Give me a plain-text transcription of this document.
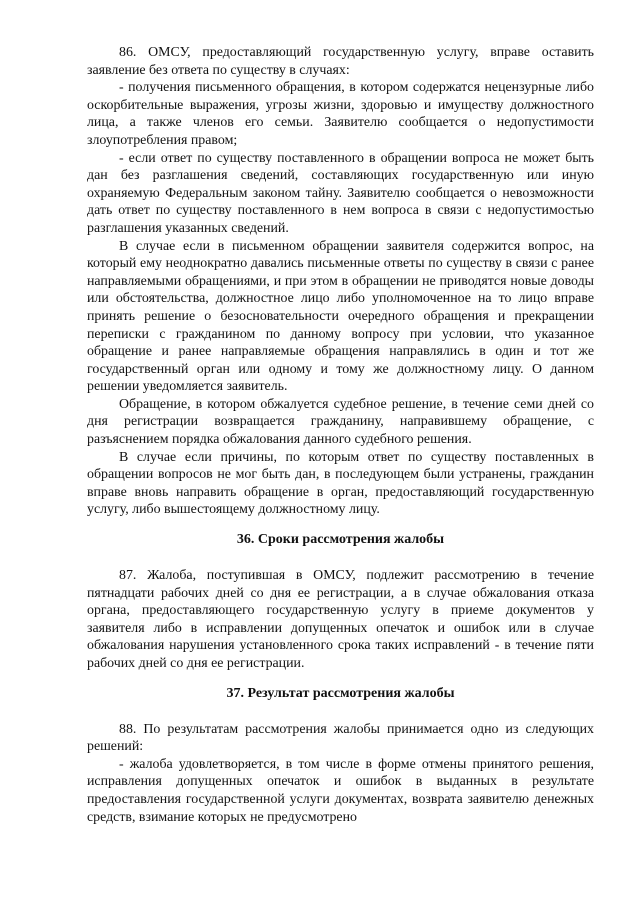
86. ОМСУ, предоставляющий государственную услугу, вправе оставить заявление без ответа по существу в случаях:

- получения письменного обращения, в котором содержатся нецензурные либо оскорбительные выражения, угрозы жизни, здоровью и имуществу должностного лица, а также членов его семьи. Заявителю сообщается о недопустимости злоупотребления правом;

- если ответ по существу поставленного в обращении вопроса не может быть дан без разглашения сведений, составляющих государственную или иную охраняемую Федеральным законом тайну. Заявителю сообщается о невозможности дать ответ по существу поставленного в нем вопроса в связи с недопустимостью разглашения указанных сведений.

В случае если в письменном обращении заявителя содержится вопрос, на который ему неоднократно давались письменные ответы по существу в связи с ранее направляемыми обращениями, и при этом в обращении не приводятся новые доводы или обстоятельства, должностное лицо либо уполномоченное на то лицо вправе принять решение о безосновательности очередного обращения и прекращении переписки с гражданином по данному вопросу при условии, что указанное обращение и ранее направляемые обращения направлялись в один и тот же государственный орган или одному и тому же должностному лицу. О данном решении уведомляется заявитель.

Обращение, в котором обжалуется судебное решение, в течение семи дней со дня регистрации возвращается гражданину, направившему обращение, с разъяснением порядка обжалования данного судебного решения.

В случае если причины, по которым ответ по существу поставленных в обращении вопросов не мог быть дан, в последующем были устранены, гражданин вправе вновь направить обращение в орган, предоставляющий государственную услугу, либо вышестоящему должностному лицу.

36. Сроки рассмотрения жалобы

87. Жалоба, поступившая в ОМСУ, подлежит рассмотрению в течение пятнадцати рабочих дней со дня ее регистрации, а в случае обжалования отказа органа, предоставляющего государственную услугу в приеме документов у заявителя либо в исправлении допущенных опечаток и ошибок или в случае обжалования нарушения установленного срока таких исправлений - в течение пяти рабочих дней со дня ее регистрации.

37. Результат рассмотрения жалобы

88. По результатам рассмотрения жалобы принимается одно из следующих решений:

- жалоба удовлетворяется, в том числе в форме отмены принятого решения, исправления допущенных опечаток и ошибок в выданных в результате предоставления государственной услуги документах, возврата заявителю денежных средств, взимание которых не предусмотрено
